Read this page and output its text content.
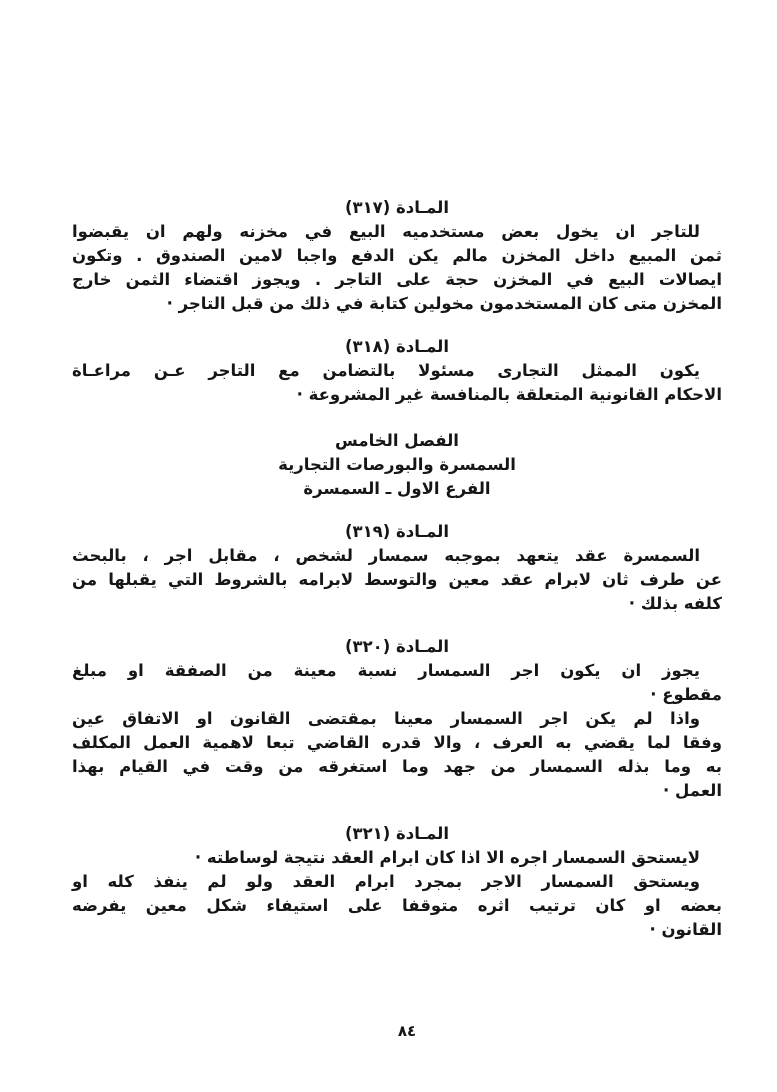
المـادة (٣١٧)
للتاجر ان يخول بعض مستخدميه البيع في مخزنه ولهم ان يقبضوا
ثمن المبيع داخل المخزن مالم يكن الدفع واجبا لامين الصندوق . وتكون
ايصالات البيع في المخزن حجة على التاجر . ويجوز اقتضاء الثمن خارج
المخزن متى كان المستخدمون مخولين كتابة في ذلك من قبل التاجر ·
المـادة (٣١٨)
يكون الممثل التجارى مسئولا بالتضامن مع التاجر عـن مراعـاة
الاحكام القانونية المتعلقة بالمنافسة غير المشروعة ·
الفصل الخامس
السمسرة والبورصات التجارية
الفرع الاول ـ السمسرة
المـادة (٣١٩)
السمسرة عقد يتعهد بموجبه سمسار لشخص ، مقابل اجر ، بالبحث
عن طرف ثان لابرام عقد معين والتوسط لابرامه بالشروط التي يقبلها من
كلفه بذلك ·
المـادة (٣٢٠)
يجوز ان يكون اجر السمسار نسبة معينة من الصفقة او مبلغ
مقطوع ·
واذا لم يكن اجر السمسار معينا بمقتضى القانون او الاتفاق عين
وفقا لما يقضي به العرف ، والا قدره القاضي تبعا لاهمية العمل المكلف
به وما بذله السمسار من جهد وما استغرقه من وقت في القيام بهذا
العمل ·
المـادة (٣٢١)
لايستحق السمسار اجره الا اذا كان ابرام العقد نتيجة لوساطته ·
ويستحق السمسار الاجر بمجرد ابرام العقد ولو لم ينفذ كله او
بعضه او كان ترتيب اثره متوقفا على استيفاء شكل معين يفرضه
القانون ·
٨٤
